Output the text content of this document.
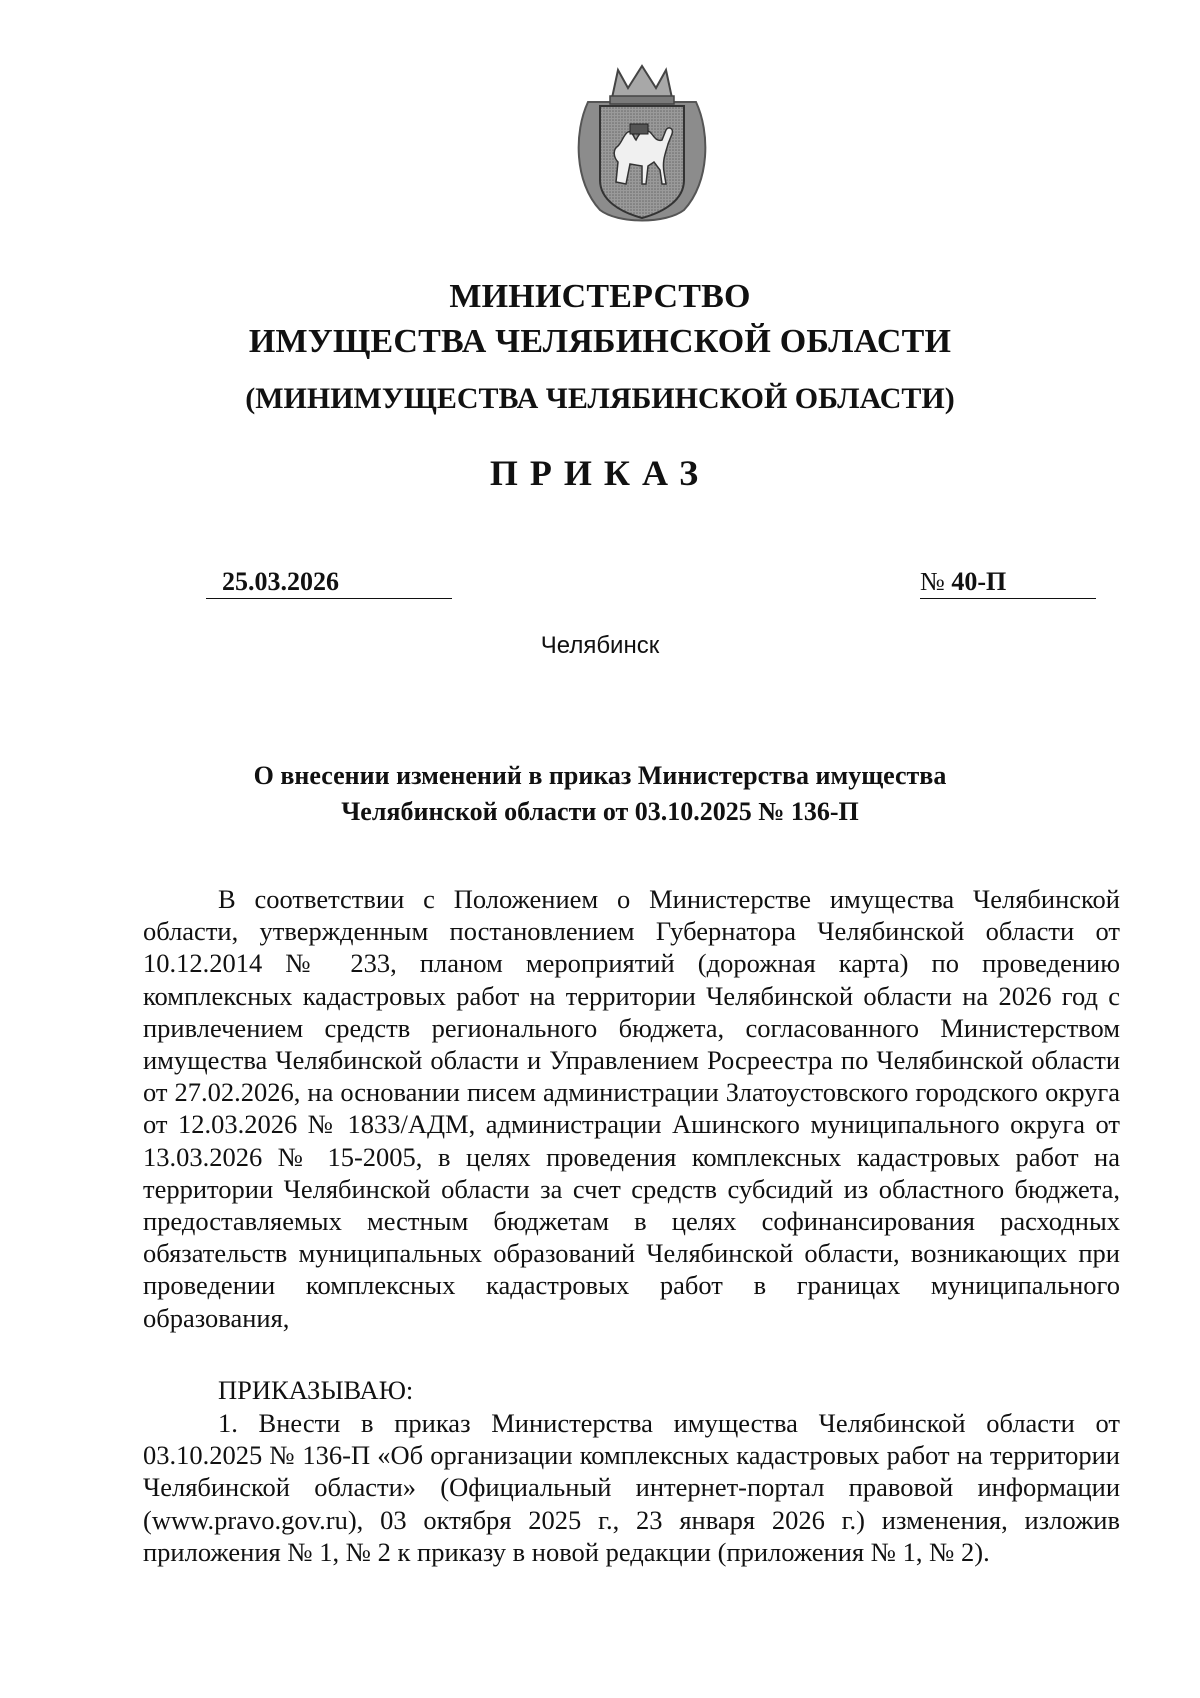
МИНИСТЕРСТВО
ИМУЩЕСТВА ЧЕЛЯБИНСКОЙ ОБЛАСТИ
(МИНИМУЩЕСТВА ЧЕЛЯБИНСКОЙ ОБЛАСТИ)
ПРИКАЗ
25.03.2026	№ 40-П
Челябинск
О внесении изменений в приказ Министерства имущества
Челябинской области от 03.10.2025 № 136-П

В соответствии с Положением о Министерстве имущества Челябинской области, утвержденным постановлением Губернатора Челябинской области от 10.12.2014 № 233, планом мероприятий (дорожная карта) по проведению комплексных кадастровых работ на территории Челябинской области на 2026 год с привлечением средств регионального бюджета, согласованного Министерством имущества Челябинской области и Управлением Росреестра по Челябинской области от 27.02.2026, на основании писем администрации Златоустовского городского округа от 12.03.2026 № 1833/АДМ, администрации Ашинского муниципального округа от 13.03.2026 № 15-2005, в целях проведения комплексных кадастровых работ на территории Челябинской области за счет средств субсидий из областного бюджета, предоставляемых местным бюджетам в целях софинансирования расходных обязательств муниципальных образований Челябинской области, возникающих при проведении комплексных кадастровых работ в границах муниципального образования,

ПРИКАЗЫВАЮ:

1. Внести в приказ Министерства имущества Челябинской области от 03.10.2025 № 136-П «Об организации комплексных кадастровых работ на территории Челябинской области» (Официальный интернет-портал правовой информации (www.pravo.gov.ru), 03 октября 2025 г., 23 января 2026 г.) изменения, изложив приложения № 1, № 2 к приказу в новой редакции (приложения № 1, № 2).
